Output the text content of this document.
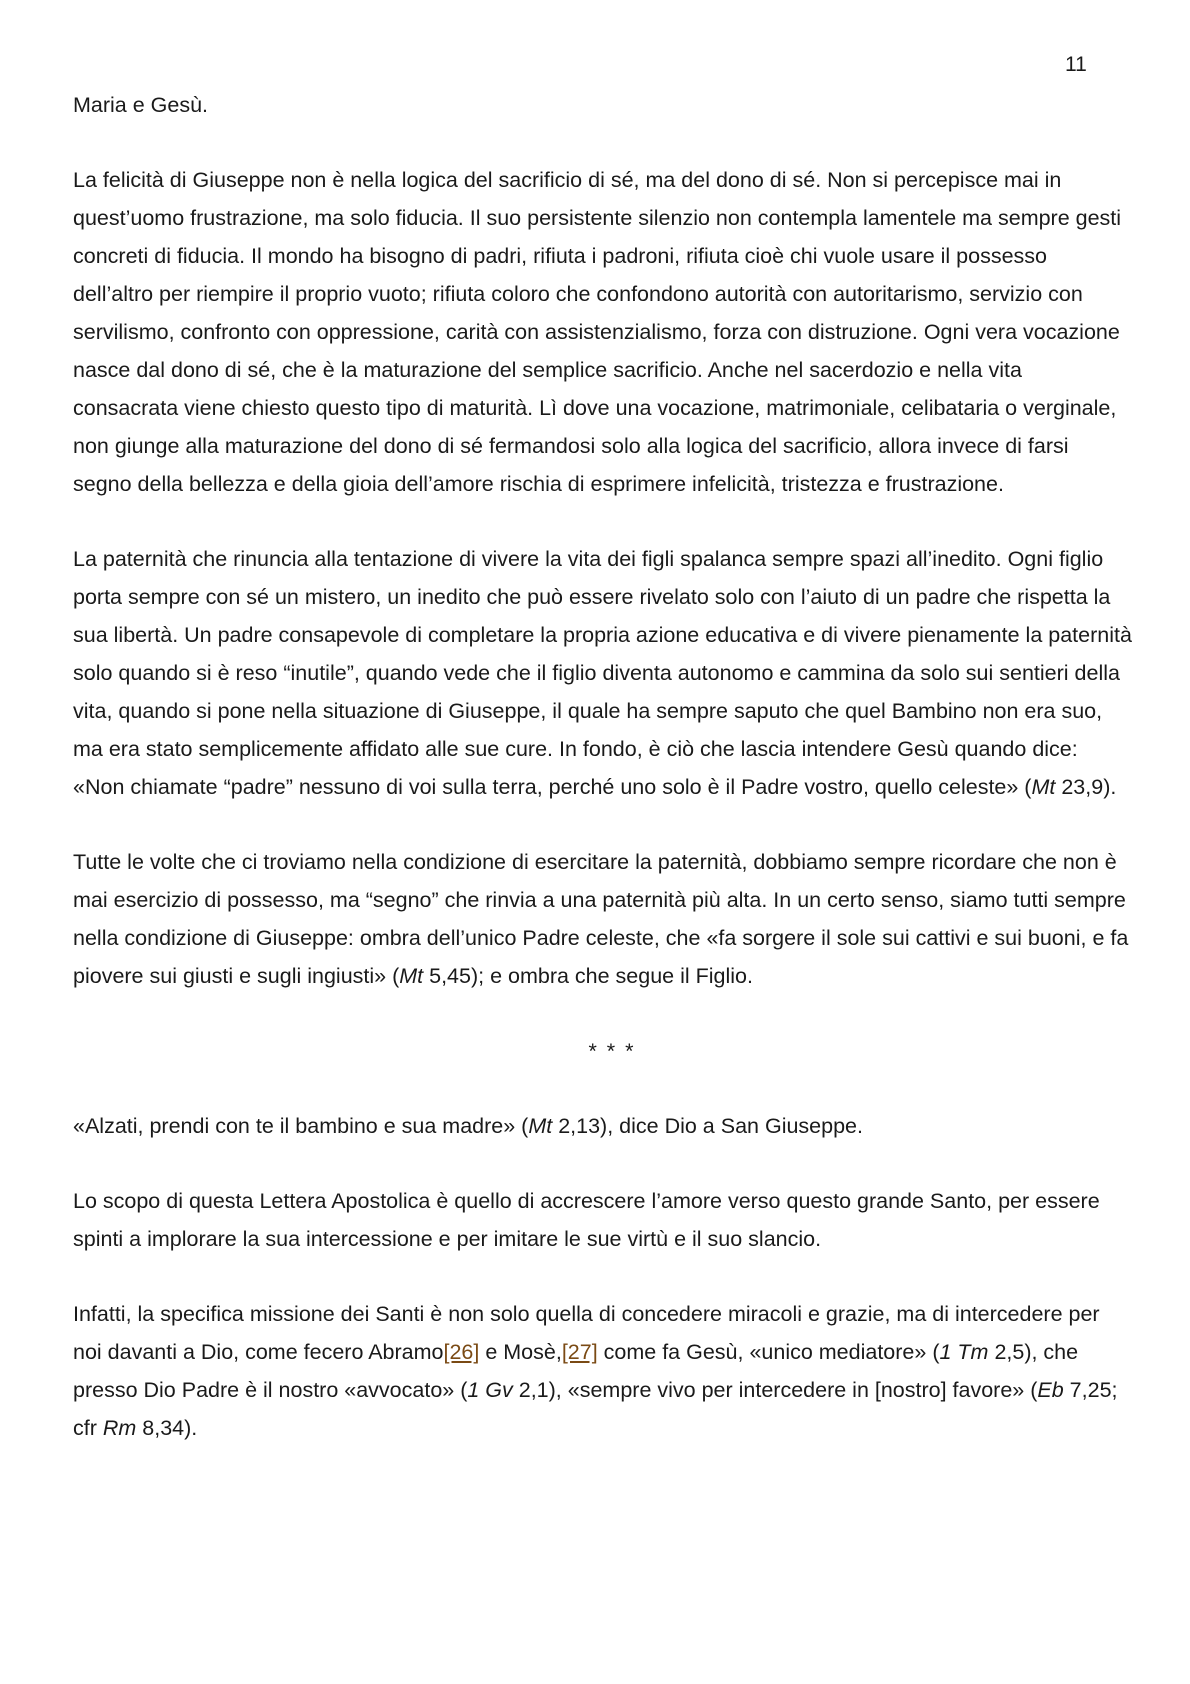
11

Maria e Gesù.

La felicità di Giuseppe non è nella logica del sacrificio di sé, ma del dono di sé. Non si percepisce mai in quest’uomo frustrazione, ma solo fiducia. Il suo persistente silenzio non contempla lamentele ma sempre gesti concreti di fiducia. Il mondo ha bisogno di padri, rifiuta i padroni, rifiuta cioè chi vuole usare il possesso dell’altro per riempire il proprio vuoto; rifiuta coloro che confondono autorità con autoritarismo, servizio con servilismo, confronto con oppressione, carità con assistenzialismo, forza con distruzione. Ogni vera vocazione nasce dal dono di sé, che è la maturazione del semplice sacrificio. Anche nel sacerdozio e nella vita consacrata viene chiesto questo tipo di maturità. Lì dove una vocazione, matrimoniale, celibataria o verginale, non giunge alla maturazione del dono di sé fermandosi solo alla logica del sacrificio, allora invece di farsi segno della bellezza e della gioia dell’amore rischia di esprimere infelicità, tristezza e frustrazione.

La paternità che rinuncia alla tentazione di vivere la vita dei figli spalanca sempre spazi all’inedito. Ogni figlio porta sempre con sé un mistero, un inedito che può essere rivelato solo con l’aiuto di un padre che rispetta la sua libertà. Un padre consapevole di completare la propria azione educativa e di vivere pienamente la paternità solo quando si è reso “inutile”, quando vede che il figlio diventa autonomo e cammina da solo sui sentieri della vita, quando si pone nella situazione di Giuseppe, il quale ha sempre saputo che quel Bambino non era suo, ma era stato semplicemente affidato alle sue cure. In fondo, è ciò che lascia intendere Gesù quando dice: «Non chiamate “padre” nessuno di voi sulla terra, perché uno solo è il Padre vostro, quello celeste» (Mt 23,9).

Tutte le volte che ci troviamo nella condizione di esercitare la paternità, dobbiamo sempre ricordare che non è mai esercizio di possesso, ma “segno” che rinvia a una paternità più alta. In un certo senso, siamo tutti sempre nella condizione di Giuseppe: ombra dell’unico Padre celeste, che «fa sorgere il sole sui cattivi e sui buoni, e fa piovere sui giusti e sugli ingiusti» (Mt 5,45); e ombra che segue il Figlio.

* * *

«Alzati, prendi con te il bambino e sua madre» (Mt 2,13), dice Dio a San Giuseppe.

Lo scopo di questa Lettera Apostolica è quello di accrescere l’amore verso questo grande Santo, per essere spinti a implorare la sua intercessione e per imitare le sue virtù e il suo slancio.

Infatti, la specifica missione dei Santi è non solo quella di concedere miracoli e grazie, ma di intercedere per noi davanti a Dio, come fecero Abramo[26] e Mosè,[27] come fa Gesù, «unico mediatore» (1 Tm 2,5), che presso Dio Padre è il nostro «avvocato» (1 Gv 2,1), «sempre vivo per intercedere in [nostro] favore» (Eb 7,25; cfr Rm 8,34).
